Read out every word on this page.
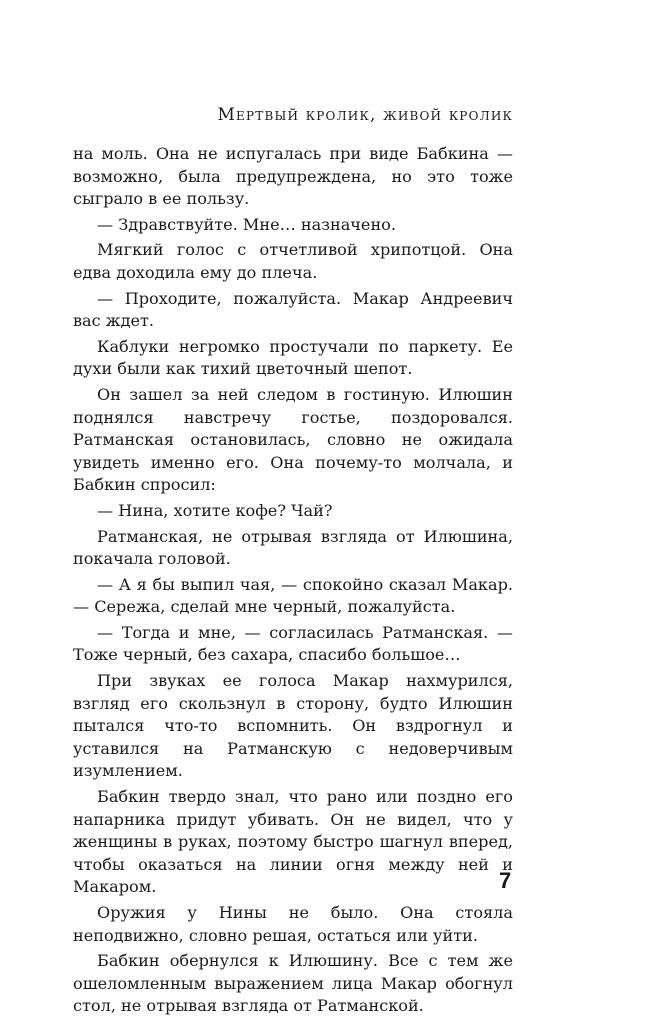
Мертвый кролик, живой кролик

на моль. Она не испугалась при виде Бабкина — возможно, была предупреждена, но это тоже сыграло в ее пользу.

— Здравствуйте. Мне… назначено.

Мягкий голос с отчетливой хрипотцой. Она едва доходила ему до плеча.

— Проходите, пожалуйста. Макар Андреевич вас ждет.

Каблуки негромко простучали по паркету. Ее духи были как тихий цветочный шепот.

Он зашел за ней следом в гостиную. Илюшин поднялся навстречу гостье, поздоровался. Ратманская остановилась, словно не ожидала увидеть именно его. Она почему-то молчала, и Бабкин спросил:

— Нина, хотите кофе? Чай?

Ратманская, не отрывая взгляда от Илюшина, покачала головой.

— А я бы выпил чая, — спокойно сказал Макар. — Сережа, сделай мне черный, пожалуйста.

— Тогда и мне, — согласилась Ратманская. — Тоже черный, без сахара, спасибо большое…

При звуках ее голоса Макар нахмурился, взгляд его скользнул в сторону, будто Илюшин пытался что-то вспомнить. Он вздрогнул и уставился на Ратманскую с недоверчивым изумлением.

Бабкин твердо знал, что рано или поздно его напарника придут убивать. Он не видел, что у женщины в руках, поэтому быстро шагнул вперед, чтобы оказаться на линии огня между ней и Макаром.

Оружия у Нины не было. Она стояла неподвижно, словно решая, остаться или уйти.

Бабкин обернулся к Илюшину. Все с тем же ошеломленным выражением лица Макар обогнул стол, не отрывая взгляда от Ратманской.

7
